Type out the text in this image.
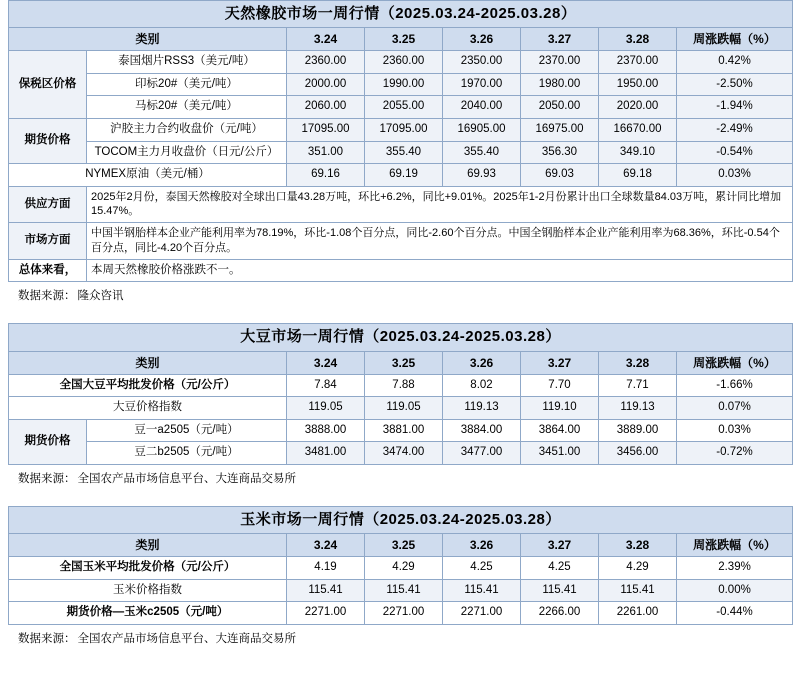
天然橡胶市场一周行情（2025.03.24-2025.03.28）							
类别		3.24	3.25	3.26	3.27	3.28	周涨跌幅（%）
保税区价格	泰国烟片RSS3（美元/吨）	2360.00	2360.00	2350.00	2370.00	2370.00	0.42%
	印标20#（美元/吨）	2000.00	1990.00	1970.00	1980.00	1950.00	-2.50%
	马标20#（美元/吨）	2060.00	2055.00	2040.00	2050.00	2020.00	-1.94%
期货价格	沪胶主力合约收盘价（元/吨）	17095.00	17095.00	16905.00	16975.00	16670.00	-2.49%
	TOCOM主力月收盘价（日元/公斤）	351.00	355.40	355.40	356.30	349.10	-0.54%
NYMEX原油（美元/桶）		69.16	69.19	69.93	69.03	69.18	0.03%
供应方面	2025年2月份，泰国天然橡胶对全球出口量43.28万吨，环比+6.2%，同比+9.01%。2025年1-2月份累计出口全球数量84.03万吨，累计同比增加15.47%。						
市场方面	中国半钢胎样本企业产能利用率为78.19%，环比-1.08个百分点，同比-2.60个百分点。中国全钢胎样本企业产能利用率为68.36%，环比-0.54个百分点，同比-4.20个百分点。						
总体来看，	本周天然橡胶价格涨跌不一。						
数据来源： 隆众咨讯
大豆市场一周行情（2025.03.24-2025.03.28）							
类别		3.24	3.25	3.26	3.27	3.28	周涨跌幅（%）
全国大豆平均批发价格（元/公斤）		7.84	7.88	8.02	7.70	7.71	-1.66%
大豆价格指数		119.05	119.05	119.13	119.10	119.13	0.07%
期货价格	豆一a2505（元/吨）	3888.00	3881.00	3884.00	3864.00	3889.00	0.03%
	豆二b2505（元/吨）	3481.00	3474.00	3477.00	3451.00	3456.00	-0.72%
数据来源： 全国农产品市场信息平台、大连商品交易所
玉米市场一周行情（2025.03.24-2025.03.28）						
类别	3.24	3.25	3.26	3.27	3.28	周涨跌幅（%）
全国玉米平均批发价格（元/公斤）	4.19	4.29	4.25	4.25	4.29	2.39%
玉米价格指数	115.41	115.41	115.41	115.41	115.41	0.00%
期货价格—玉米c2505（元/吨）	2271.00	2271.00	2271.00	2266.00	2261.00	-0.44%
数据来源： 全国农产品市场信息平台、大连商品交易所
